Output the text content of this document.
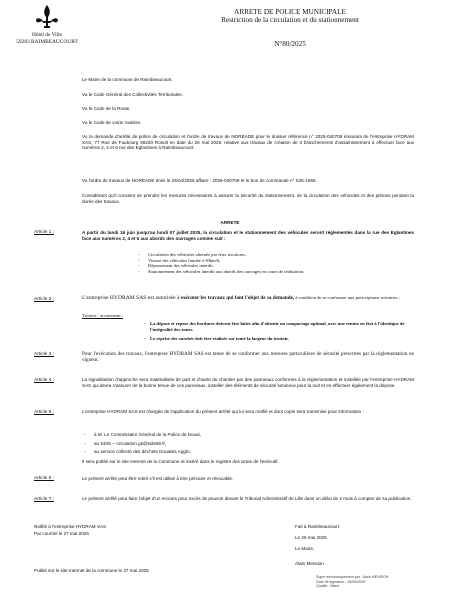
Hôtel de Ville
59283 RAIMBEAUCOURT
ARRETE DE POLICE MUNICIPALE
Restriction de la circulation et du stationnement
N°80/2025
Le Maire de la commune de Raimbeaucourt.
Vu le Code Général des Collectivités Territoriales.
Vu le Code de la Route.
Vu le Code de voirie routière.
Vu la demande d'arrêté de police de circulation et l'ordre de travaux de NOREADE pour le dossier référencé n° 2025-040708 émanant de l'entreprise HYDRAM SAS, 77 Rue de Faubourg 59230 Rosult en date du 26 mai 2025, relative aux travaux de création de 3 branchements d'assainissement à effectuer face aux numéros 2, 4 et 6 rue des Eglantines à Raimbeaucourt.
Vu l'ordre de travaux de NOREADE émis le 25/04/2025 affaire : 2025-040708 et le bon de commande n° S25-1658.
Considérant qu'il convient de prendre les mesures nécessaires à assurer la sécurité du stationnement, de la circulation des véhicules et des piétons pendant la durée des travaux.
ARRETE
Article 1 :	A partir du lundi 16 juin jusqu'au lundi 07 juillet 2025, la circulation et le stationnement des véhicules seront réglementés dans la rue des Eglantines face aux numéros 2, 4 et 6 aux abords des ouvrages comme suit :
- Circulation des véhicules alternée par feux tricolores,
- Vitesse des véhicules limitée à 30km/h,
- Dépassement des véhicules interdit,
- Stationnement des véhicules interdit aux abords des ouvrages en cours de réalisation.
Article 2 :	L'entreprise HYDRAM SAS est autorisée à exécuter les travaux qui font l'objet de sa demande, à condition de se conformer aux prescriptions suivantes :
Trottoir / accotement :
- La dépose et repose des bordures doivent être faites afin d'obtenir un compactage optimal, avec une remise en état à l'identique de l'intégralité des zones.
- Le reprise des enrobés doit être réalisée sur toute la largeur du trottoir.
Article 3 :	Pour l'exécution des travaux, l'entreprise HYDRAM SAS est tenue de se conformer aux mesures particulières de sécurité prescrites par la réglementation en vigueur.
Article 4 :	La signalisation d'approche sera matérialisée de part et d'autre du chantier par des panneaux conformes à la réglementation et installée par l'entreprise HYDRAM SAS qui devra s'assurer de la bonne tenue de ces panneaux, installer des éléments de sécurité lumineux pour la nuit et en effectuer également la dépose.
Article 5 :	L'entreprise HYDRAM SAS est chargée de l'application du présent arrêté qui lui sera notifié et dont copie sera transmise pour information :
- à M. Le Commissaire Général de la Police de Douai,
- au SDIS – circulation.gs@sdis59.fr,
- au service collecte des déchets Douaisis Agglo,
Il sera publié sur le site Internet de la Commune et inséré dans le registre des actes de l'exécutif.
Article 6 :	Le présent arrêté peut être retiré s'il est utilisé à titre précaire et révocable.
Article 7 :	Le présent arrêté peut faire l'objet d'un recours pour excès de pouvoir devant le Tribunal Administratif de Lille dans un délai de 2 mois à compter de sa publication.
Notifié à l'entreprise HYDRAM SAS
Par courriel le 27 mai 2025
Fait à Raimbeaucourt,
Le 26 mai 2025
Le Maire,
Alain Mension
Publié sur le site Internet de la commune le 27 mai 2025
Signé électroniquement par : Alain MENSION
Date de signature : 26/05/2025
Qualité : Maire
